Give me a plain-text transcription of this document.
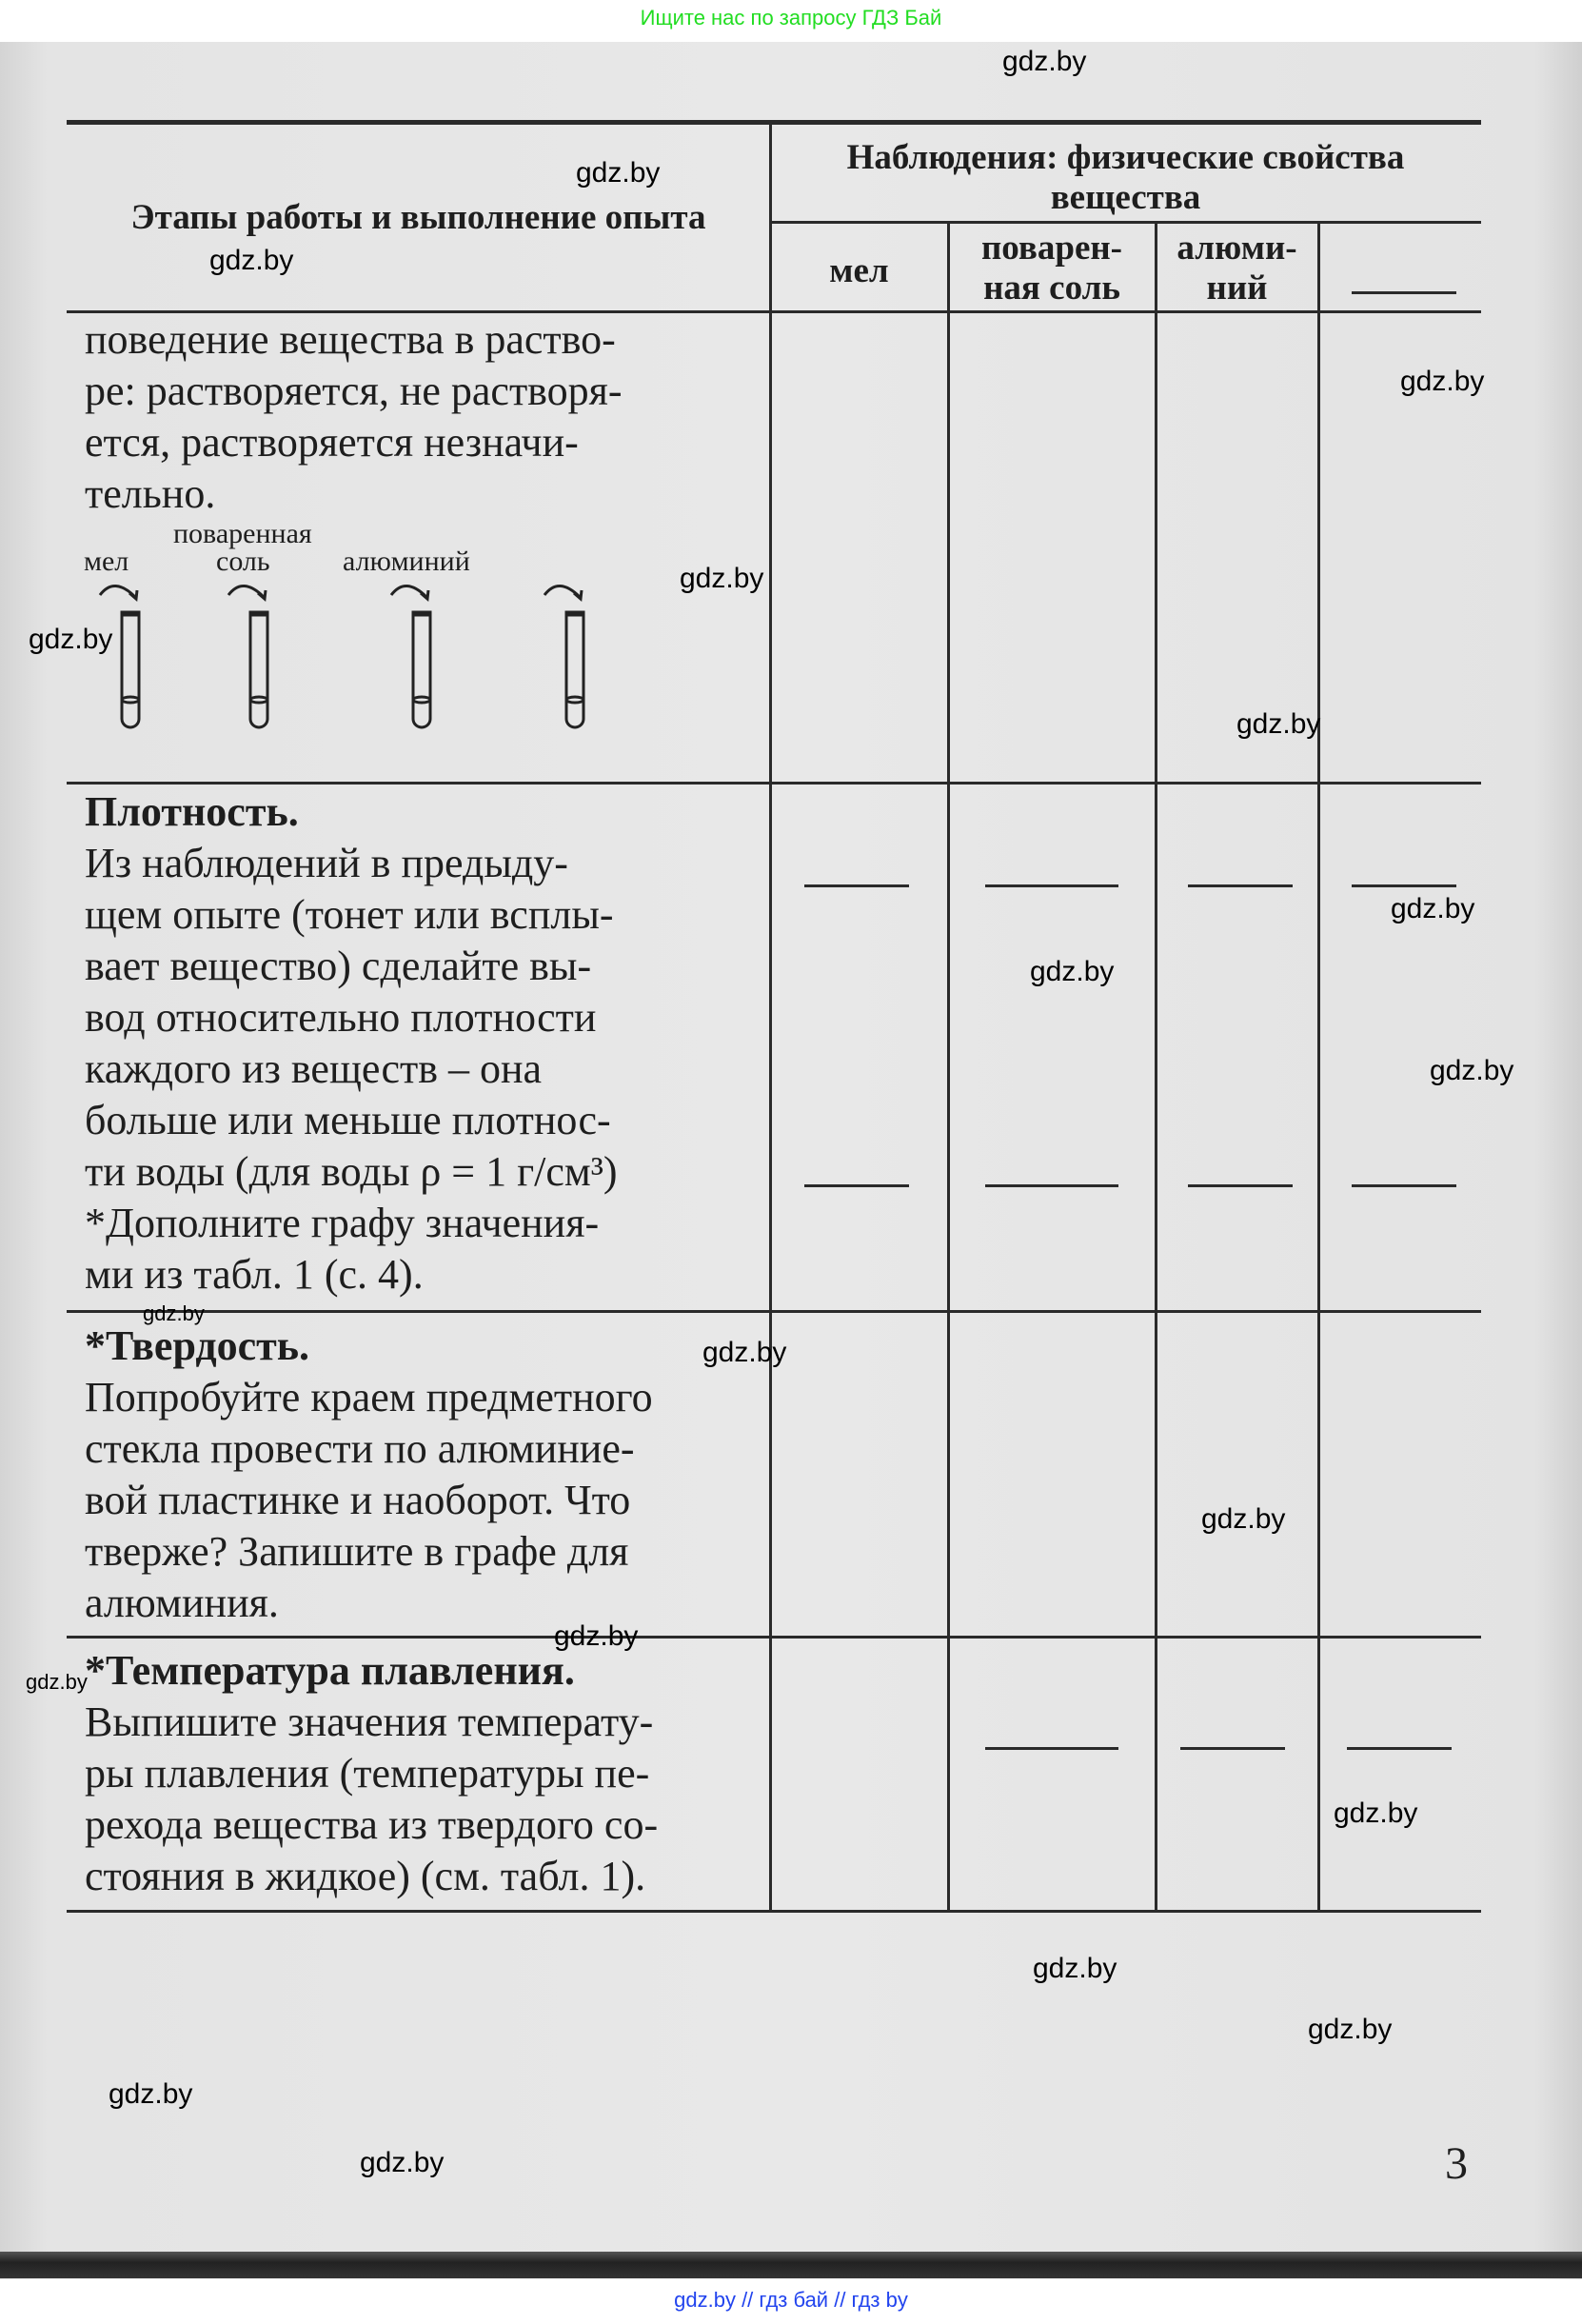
Ищите нас по запросу ГДЗ Бай
Этапы работы и выполнение опыта
Наблюдения: физические свойства
вещества
мел
поварен-
ная соль
алюми-
ний
поведение вещества в раство-
ре: растворяется, не растворя-
ется, растворяется незначи-
тельно.
Плотность.
Из наблюдений в предыду-
щем опыте (тонет или всплы-
вает вещество) сделайте вы-
вод относительно плотности
каждого из веществ – она
больше или меньше плотнос-
ти воды (для воды ρ = 1 г/см³)
*Дополните графу значения-
ми из табл. 1 (с. 4).
*Твердость.
Попробуйте краем предметного
стекла провести по алюминие-
вой пластинке и наоборот. Что
тверже? Запишите в графе для
алюминия.
*Температура плавления.
Выпишите значения температу-
ры плавления (температуры пе-
рехода вещества из твердого со-
стояния в жидкое) (см. табл. 1).
поваренная
мел	соль	алюминий
3
gdz.by
gdz.by
gdz.by
gdz.by
gdz.by
gdz.by
gdz.by
gdz.by
gdz.by
gdz.by
gdz.by
gdz.by
gdz.by
gdz.by
gdz.by
gdz.by
gdz.by
gdz.by
gdz.by
gdz.by
gdz.by // гдз бай // гдз by
